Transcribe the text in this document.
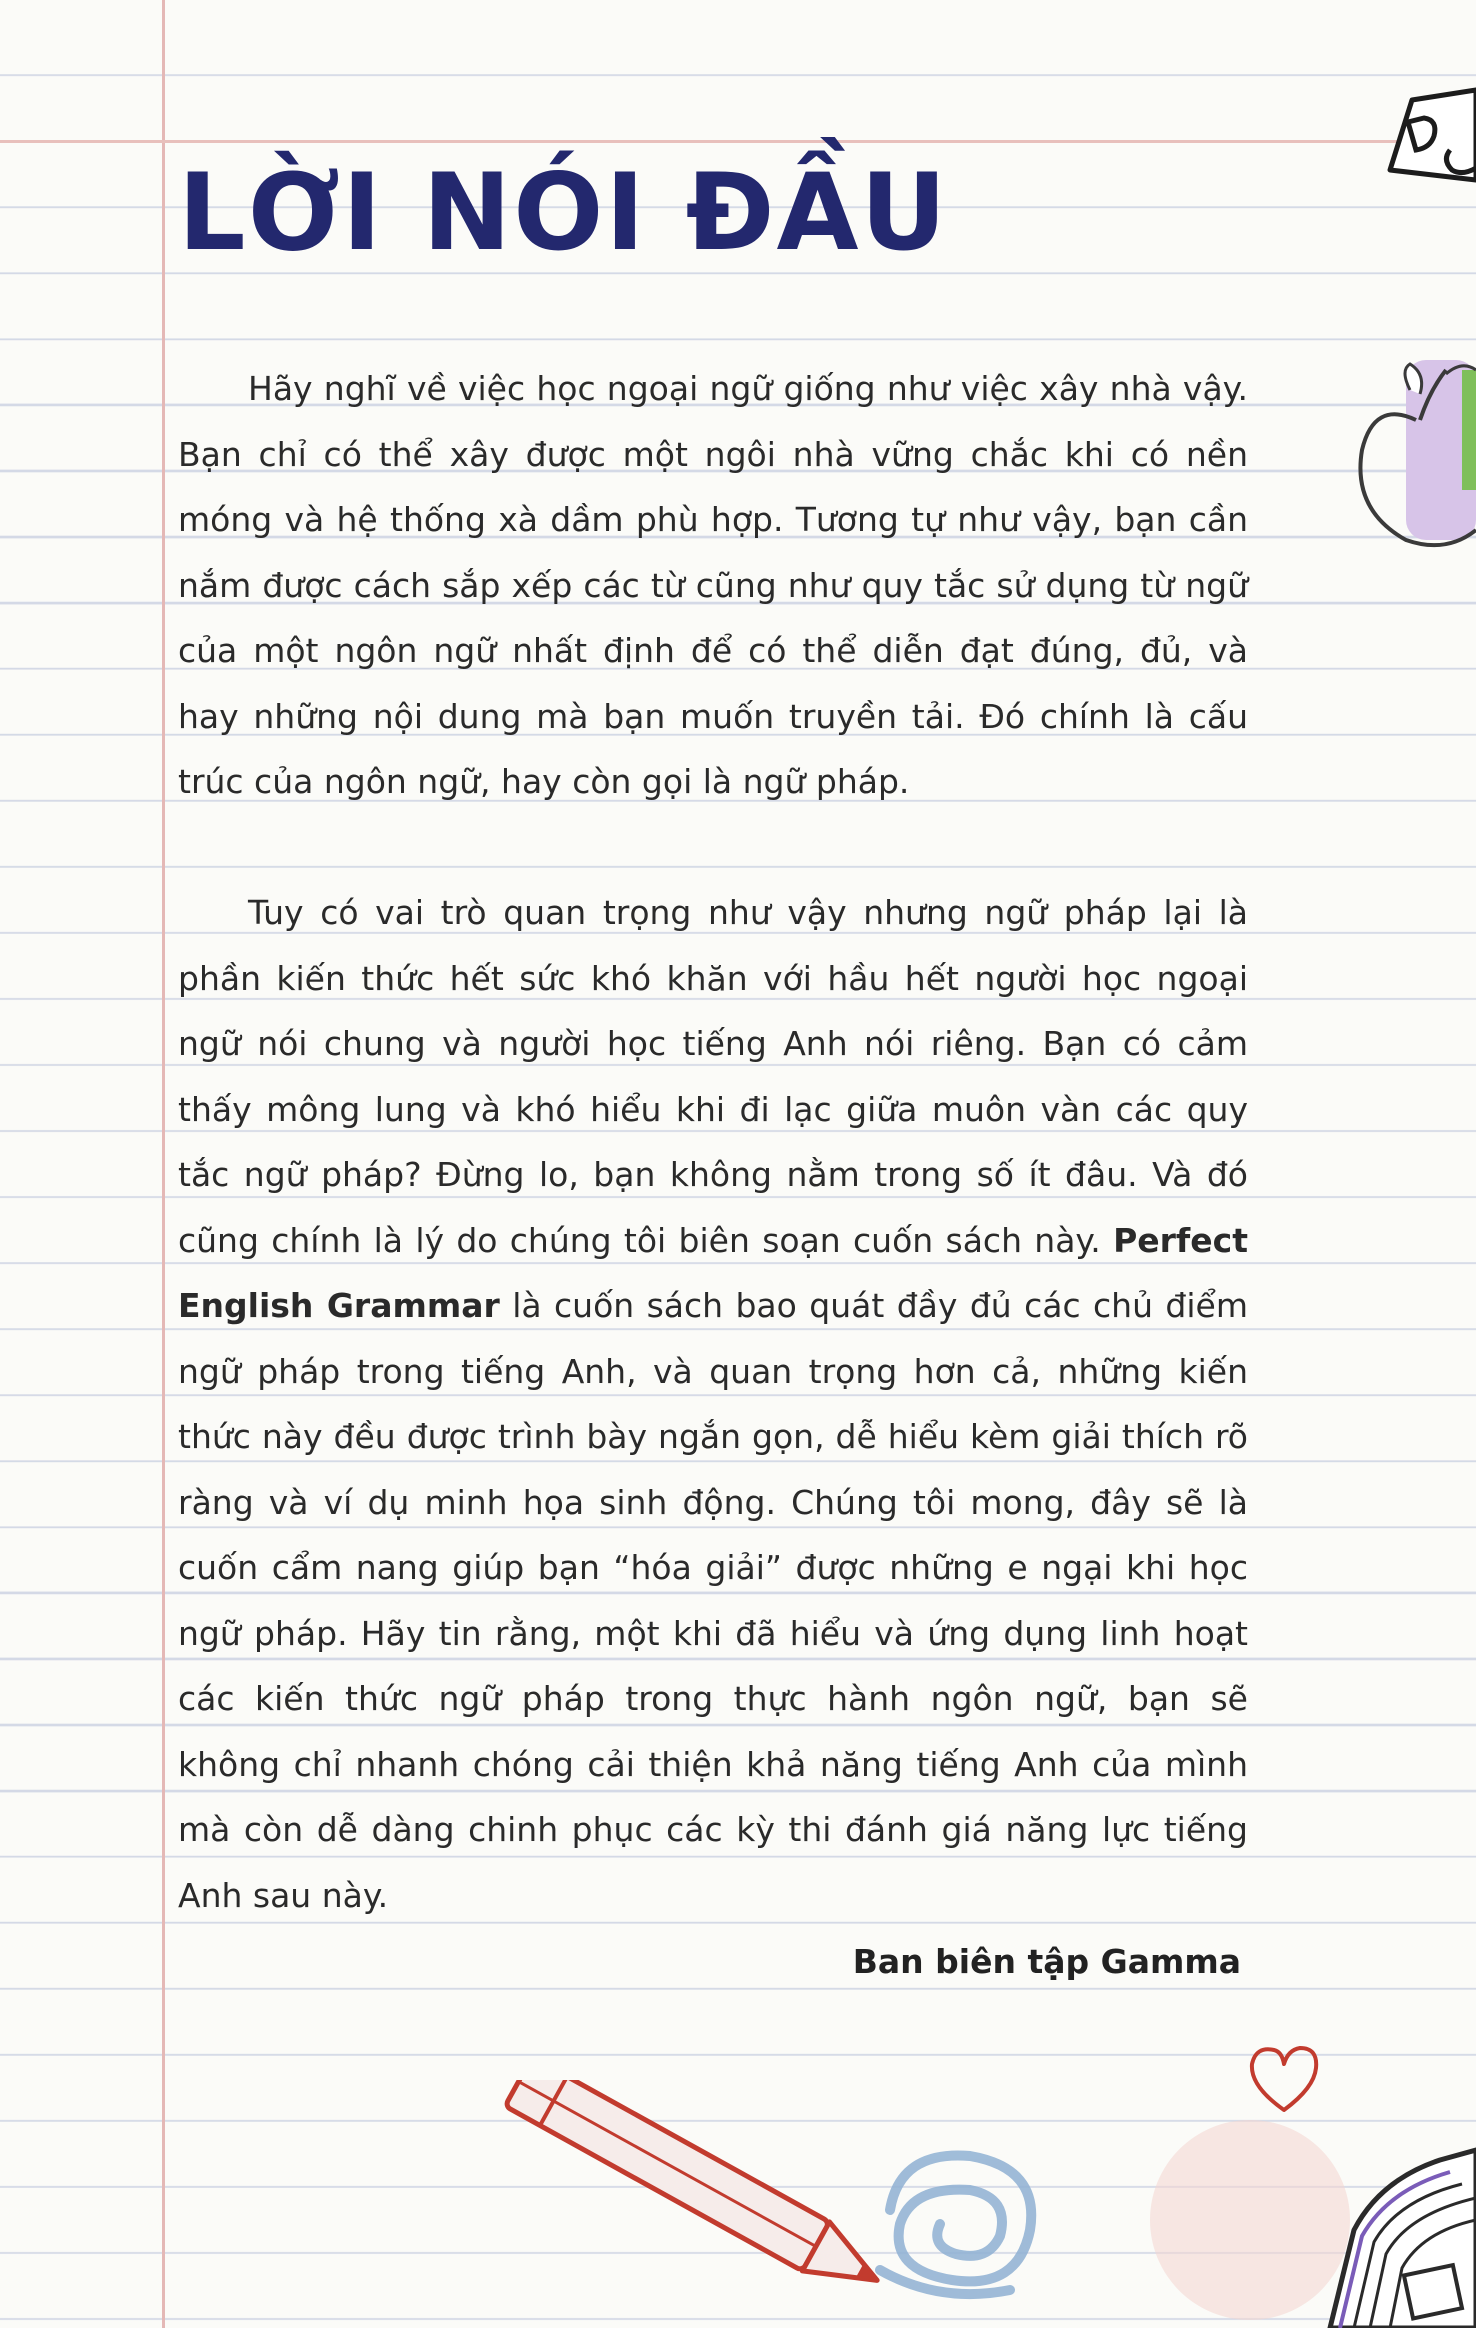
LỜI NÓI ĐẦU

Hãy nghĩ về việc học ngoại ngữ giống như việc xây nhà vậy. Bạn chỉ có thể xây được một ngôi nhà vững chắc khi có nền móng và hệ thống xà dầm phù hợp. Tương tự như vậy, bạn cần nắm được cách sắp xếp các từ cũng như quy tắc sử dụng từ ngữ của một ngôn ngữ nhất định để có thể diễn đạt đúng, đủ, và hay những nội dung mà bạn muốn truyền tải. Đó chính là cấu trúc của ngôn ngữ, hay còn gọi là ngữ pháp.

Tuy có vai trò quan trọng như vậy nhưng ngữ pháp lại là phần kiến thức hết sức khó khăn với hầu hết người học ngoại ngữ nói chung và người học tiếng Anh nói riêng. Bạn có cảm thấy mông lung và khó hiểu khi đi lạc giữa muôn vàn các quy tắc ngữ pháp? Đừng lo, bạn không nằm trong số ít đâu. Và đó cũng chính là lý do chúng tôi biên soạn cuốn sách này. Perfect English Grammar là cuốn sách bao quát đầy đủ các chủ điểm ngữ pháp trong tiếng Anh, và quan trọng hơn cả, những kiến thức này đều được trình bày ngắn gọn, dễ hiểu kèm giải thích rõ ràng và ví dụ minh họa sinh động. Chúng tôi mong, đây sẽ là cuốn cẩm nang giúp bạn “hóa giải” được những e ngại khi học ngữ pháp. Hãy tin rằng, một khi đã hiểu và ứng dụng linh hoạt các kiến thức ngữ pháp trong thực hành ngôn ngữ, bạn sẽ không chỉ nhanh chóng cải thiện khả năng tiếng Anh của mình mà còn dễ dàng chinh phục các kỳ thi đánh giá năng lực tiếng Anh sau này.

Ban biên tập Gamma
